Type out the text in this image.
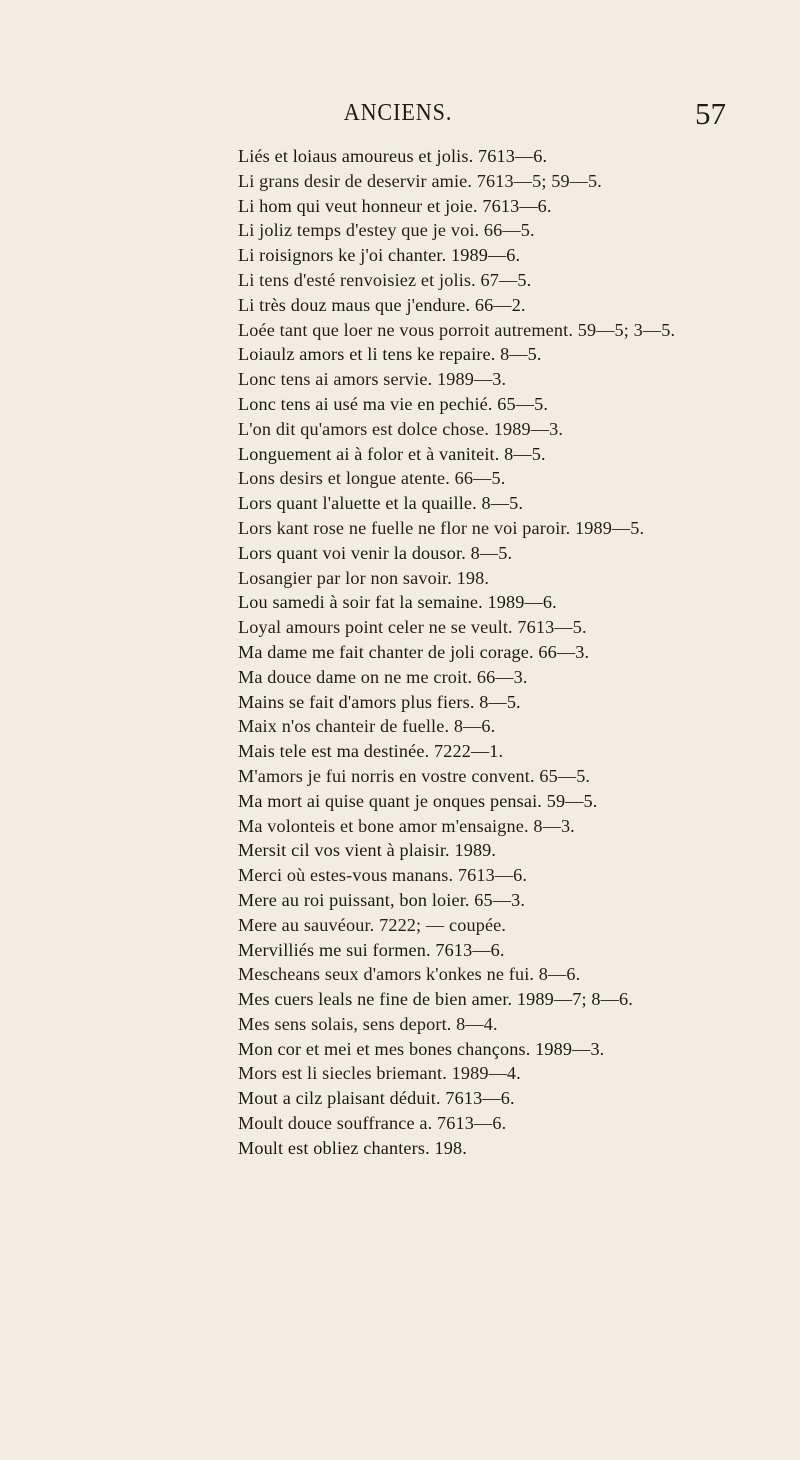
ANCIENS.	57
Liés et loiaus amoureus et jolis. 7613—6.
Li grans desir de deservir amie. 7613—5; 59—5.
Li hom qui veut honneur et joie. 7613—6.
Li joliz temps d'estey que je voi. 66—5.
Li roisignors ke j'oi chanter. 1989—6.
Li tens d'esté renvoisiez et jolis. 67—5.
Li très douz maus que j'endure. 66—2.
Loée tant que loer ne vous porroit autrement. 59—5; 3—5.
Loiaulz amors et li tens ke repaire. 8—5.
Lonc tens ai amors servie. 1989—3.
Lonc tens ai usé ma vie en pechié. 65—5.
L'on dit qu'amors est dolce chose. 1989—3.
Longuement ai à folor et à vaniteit. 8—5.
Lons desirs et longue atente. 66—5.
Lors quant l'aluette et la quaille. 8—5.
Lors kant rose ne fuelle ne flor ne voi paroir. 1989—5.
Lors quant voi venir la dousor. 8—5.
Losangier par lor non savoir. 198.
Lou samedi à soir fat la semaine. 1989—6.
Loyal amours point celer ne se veult. 7613—5.
Ma dame me fait chanter de joli corage. 66—3.
Ma douce dame on ne me croit. 66—3.
Mains se fait d'amors plus fiers. 8—5.
Maix n'os chanteir de fuelle. 8—6.
Mais tele est ma destinée. 7222—1.
M'amors je fui norris en vostre convent. 65—5.
Ma mort ai quise quant je onques pensai. 59—5.
Ma volonteis et bone amor m'ensaigne. 8—3.
Mersit cil vos vient à plaisir. 1989.
Merci où estes-vous manans. 7613—6.
Mere au roi puissant, bon loier. 65—3.
Mere au sauvéour. 7222; — coupée.
Mervilliés me sui formen. 7613—6.
Mescheans seux d'amors k'onkes ne fui. 8—6.
Mes cuers leals ne fine de bien amer. 1989—7; 8—6.
Mes sens solais, sens deport. 8—4.
Mon cor et mei et mes bones chançons. 1989—3.
Mors est li siecles briemant. 1989—4.
Mout a cilz plaisant déduit. 7613—6.
Moult douce souffrance a. 7613—6.
Moult est obliez chanters. 198.
